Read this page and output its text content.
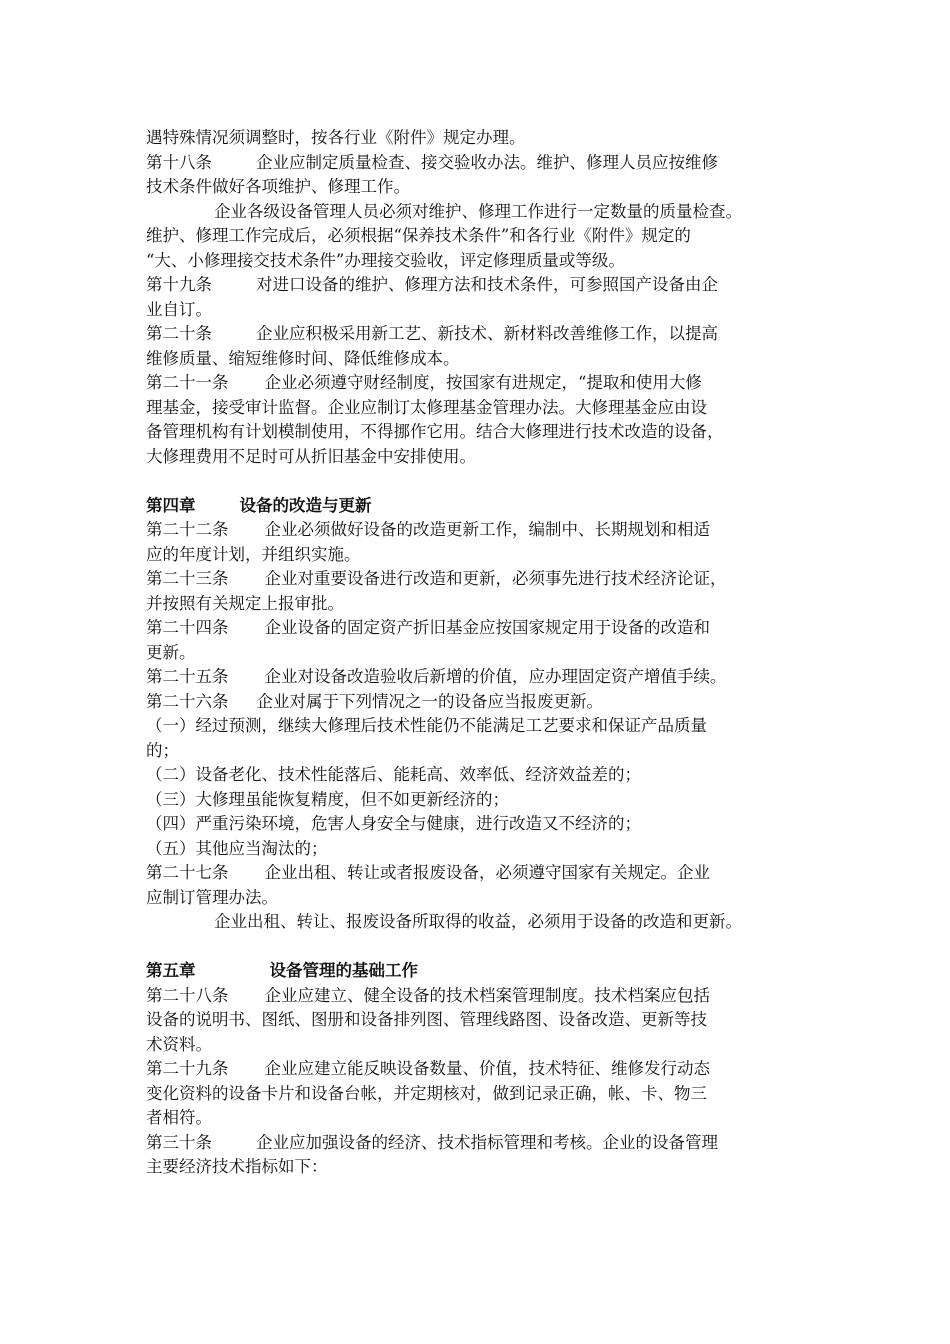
遇特殊情况须调整时，按各行业《附件》规定办理。
第十八条	企业应制定质量检查、接交验收办法。维护、修理人员应按维修
技术条件做好各项维护、修理工作。
企业各级设备管理人员必须对维护、修理工作进行一定数量的质量检查。
维护、修理工作完成后，必须根据“保养技术条件”和各行业《附件》规定的
“大、小修理接交技术条件”办理接交验收，评定修理质量或等级。
第十九条	对进口设备的维护、修理方法和技术条件，可参照国产设备由企
业自订。
第二十条	企业应积极采用新工艺、新技术、新材料改善维修工作，以提高
维修质量、缩短维修时间、降低维修成本。
第二十一条 企业必须遵守财经制度，按国家有进规定，“提取和使用大修
理基金，接受审计监督。企业应制订太修理基金管理办法。大修理基金应由设
备管理机构有计划模制使用，不得挪作它用。结合大修理进行技术改造的设备，
大修理费用不足时可从折旧基金中安排使用。
第四章	设备的改造与更新
第二十二条 企业必须做好设备的改造更新工作，编制中、长期规划和相适
应的年度计划，并组织实施。
第二十三条 企业对重要设备进行改造和更新，必须事先进行技术经济论证，
并按照有关规定上报审批。
第二十四条 企业设备的固定资产折旧基金应按国家规定用于设备的改造和
更新。
第二十五条 企业对设备改造验收后新增的价值，应办理固定资产增值手续。
第二十六条 企业对属于下列情况之一的设备应当报废更新。
（一）经过预测，继续大修理后技术性能仍不能满足工艺要求和保证产品质量
的；
（二）设备老化、技术性能落后、能耗高、效率低、经济效益差的；
（三）大修理虽能恢复精度，但不如更新经济的；
（四）严重污染环境，危害人身安全与健康，进行改造又不经济的；
（五）其他应当淘汰的；
第二十七条 企业出租、转让或者报废设备，必须遵守国家有关规定。企业
应制订管理办法。
企业出租、转让、报废设备所取得的收益，必须用于设备的改造和更新。
第五章	设备管理的基础工作
第二十八条 企业应建立、健全设备的技术档案管理制度。技术档案应包括
设备的说明书、图纸、图册和设备排列图、管理线路图、设备改造、更新等技
术资料。
第二十九条 企业应建立能反映设备数量、价值，技术特征、维修发行动态
变化资料的设备卡片和设备台帐，并定期核对，做到记录正确，帐、卡、物三
者相符。
第三十条	企业应加强设备的经济、技术指标管理和考核。企业的设备管理
主要经济技术指标如下：
